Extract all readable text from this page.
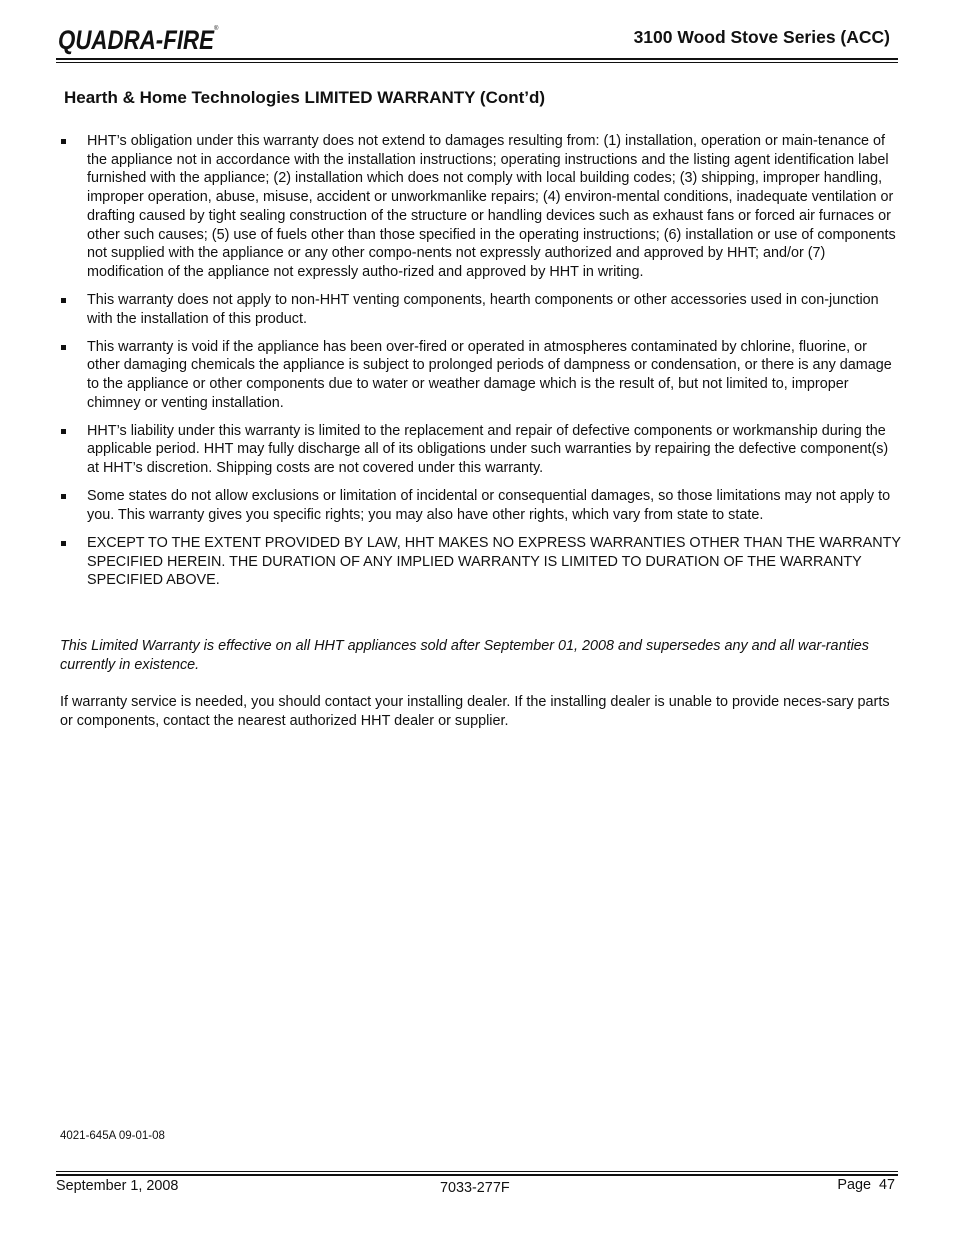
QUADRA-FIRE ®	3100 Wood Stove Series (ACC)
Hearth & Home Technologies LIMITED WARRANTY (Cont’d)
HHT’s obligation under this warranty does not extend to damages resulting from: (1) installation, operation or main-tenance of the appliance not in accordance with the installation instructions; operating instructions and the listing agent identification label furnished with the appliance; (2) installation which does not comply with local building codes; (3) shipping, improper handling, improper operation, abuse, misuse, accident or unworkmanlike repairs; (4) environ-mental conditions, inadequate ventilation or drafting caused by tight sealing construction of the structure or handling devices such as exhaust fans or forced air furnaces or other such causes; (5) use of fuels other than those specified in the operating instructions; (6) installation or use of components not supplied with the appliance or any other compo-nents not expressly authorized and approved by HHT; and/or (7) modification of the appliance not expressly autho-rized and approved by HHT in writing.
This warranty does not apply to non-HHT venting components, hearth components or other accessories used in con-junction with the installation of this product.
This warranty is void if the appliance has been over-fired or operated in atmospheres contaminated by chlorine, fluorine, or other damaging chemicals the appliance is subject to prolonged periods of dampness or condensation, or there is any damage to the appliance or other components due to water or weather damage which is the result of, but not limited to, improper chimney or venting installation.
HHT’s liability under this warranty is limited to the replacement and repair of defective components or workmanship during the applicable period. HHT may fully discharge all of its obligations under such warranties by repairing the defective component(s) at HHT’s discretion. Shipping costs are not covered under this warranty.
Some states do not allow exclusions or limitation of incidental or consequential damages, so those limitations may not apply to you. This warranty gives you specific rights; you may also have other rights, which vary from state to state.
EXCEPT TO THE EXTENT PROVIDED BY LAW, HHT MAKES NO EXPRESS WARRANTIES OTHER THAN THE WARRANTY SPECIFIED HEREIN. THE DURATION OF ANY IMPLIED WARRANTY IS LIMITED TO DURATION OF THE WARRANTY SPECIFIED ABOVE.
This Limited Warranty is effective on all HHT appliances sold after September 01, 2008 and supersedes any and all war-ranties currently in existence.
If warranty service is needed, you should contact your installing dealer. If the installing dealer is unable to provide neces-sary parts or components, contact the nearest authorized HHT dealer or supplier.
4021-645A 09-01-08
September 1, 2008	7033-277F	Page  47
